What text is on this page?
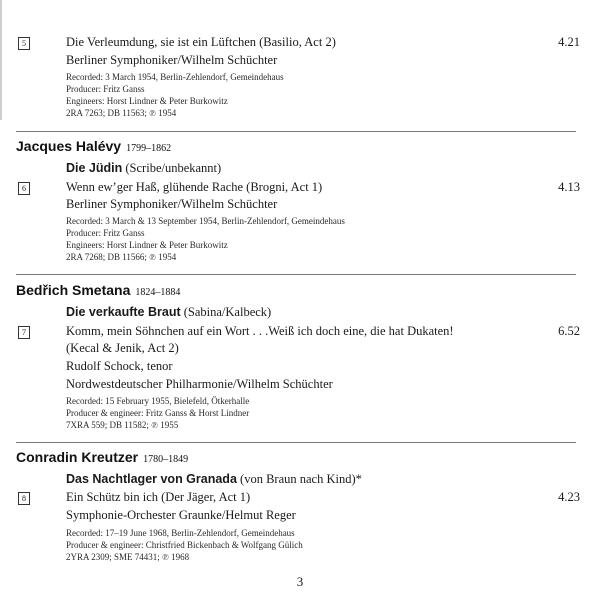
5	Die Verleumdung, sie ist ein Lüftchen (Basilio, Act 2)	4.21
Berliner Symphoniker/Wilhelm Schüchter
Recorded: 3 March 1954, Berlin-Zehlendorf, Gemeindehaus
Producer: Fritz Ganss
Engineers: Horst Lindner & Peter Burkowitz
2RA 7263; DB 11563; ℗ 1954
Jacques Halévy 1799–1862
Die Jüdin (Scribe/unbekannt)
6	Wenn ew’ger Haß, glühende Rache (Brogni, Act 1)	4.13
Berliner Symphoniker/Wilhelm Schüchter
Recorded: 3 March & 13 September 1954, Berlin-Zehlendorf, Gemeindehaus
Producer: Fritz Ganss
Engineers: Horst Lindner & Peter Burkowitz
2RA 7268; DB 11566; ℗ 1954
Bedřich Smetana 1824–1884
Die verkaufte Braut (Sabina/Kalbeck)
7	Komm, mein Söhnchen auf ein Wort . . .Weiß ich doch eine, die hat Dukaten!	6.52
(Kecal & Jenik, Act 2)
Rudolf Schock, tenor
Nordwestdeutscher Philharmonie/Wilhelm Schüchter
Recorded: 15 February 1955, Bielefeld, Ötkerhalle
Producer & engineer: Fritz Ganss & Horst Lindner
7XRA 559; DB 11582; ℗ 1955
Conradin Kreutzer 1780–1849
Das Nachtlager von Granada (von Braun nach Kind)*
8	Ein Schütz bin ich (Der Jäger, Act 1)	4.23
Symphonie-Orchester Graunke/Helmut Reger
Recorded: 17–19 June 1968, Berlin-Zehlendorf, Gemeindehaus
Producer & engineer: Christfried Bickenbach & Wolfgang Gülich
2YRA 2309; SME 74431; ℗ 1968
3
